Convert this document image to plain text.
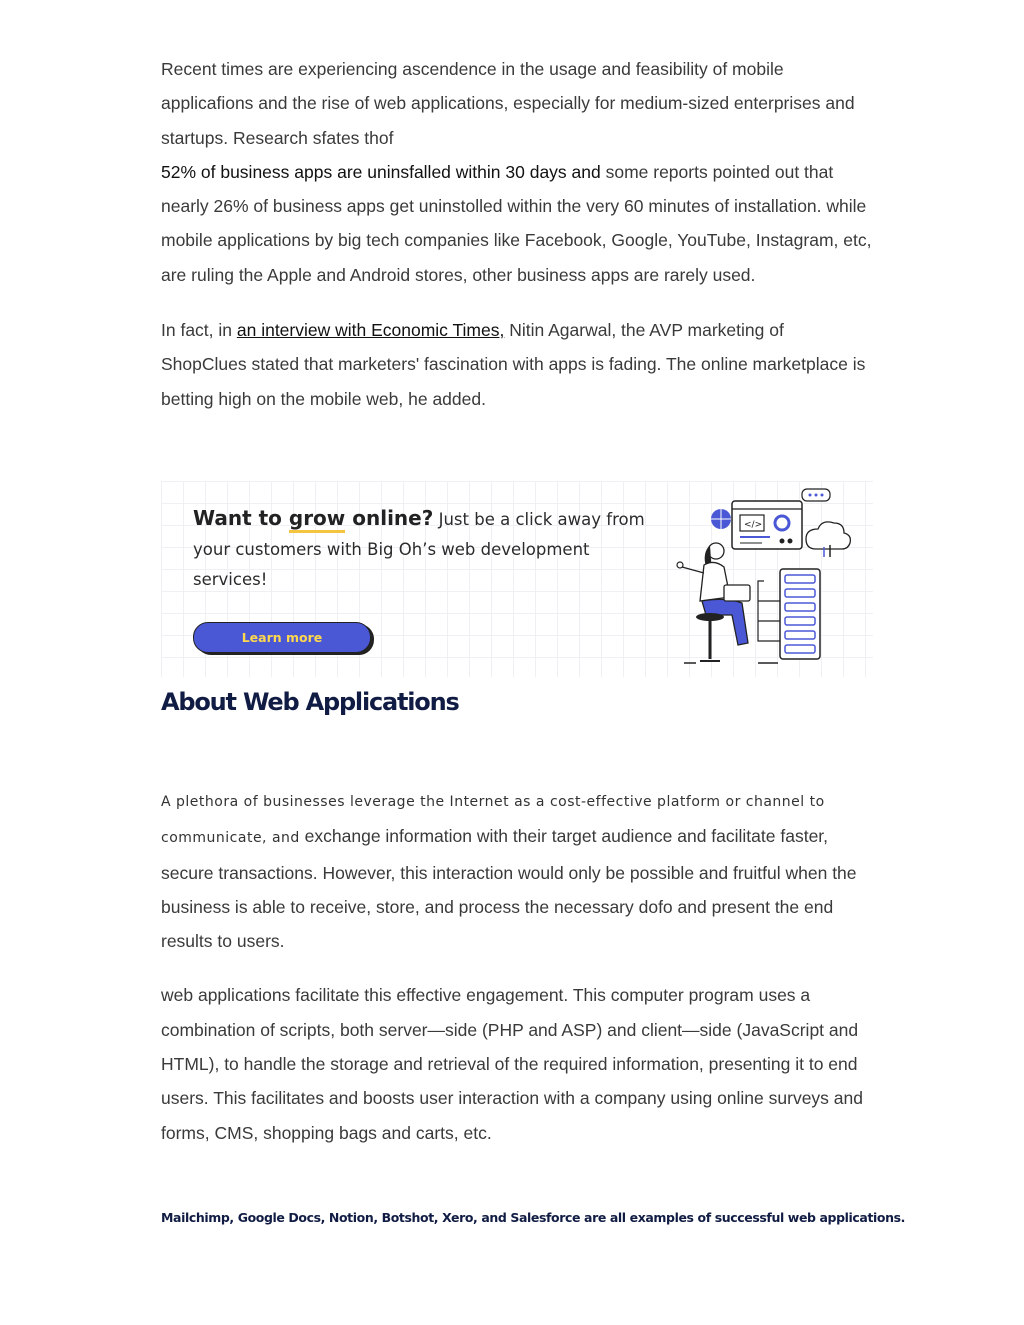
Recent times are experiencing ascendence in the usage and feasibility of mobile applicafions and the rise of web applications, especially for medium-sized enterprises and startups. Research sfates thof
52% of business apps are uninsfalled within 30 days and some reports pointed out that nearly 26% of business apps get uninstolled within the very 60 minutes of installation. while mobile applications by big tech companies like Facebook, Google, YouTube, Instagram, etc, are ruling the Apple and Android stores, other business apps are rarely used.

In fact, in an interview with Economic Times, Nitin Agarwal, the AVP marketing of ShopClues stated that marketers' fascination with apps is fading. The online marketplace is betting high on the mobile web, he added.

Want to grow online? Just be a click away from your customers with Big Oh’s web development services!
Learn more
</>
About Web Applications

A plethora of businesses leverage the Internet as a cost-effective platform or channel to communicate, and exchange information with their target audience and facilitate faster, secure transactions. However, this interaction would only be possible and fruitful when the business is able to receive, store, and process the necessary dofo and present the end results to users.

web applications facilitate this effective engagement. This computer program uses a combination of scripts, both server—side (PHP and ASP) and client—side (JavaScript and HTML), to handle the storage and retrieval of the required information, presenting it to end users. This facilitates and boosts user interaction with a company using online surveys and forms, CMS, shopping bags and carts, etc.

Mailchimp, Google Docs, Notion, Botshot, Xero, and Salesforce are all examples of successful web applications.
